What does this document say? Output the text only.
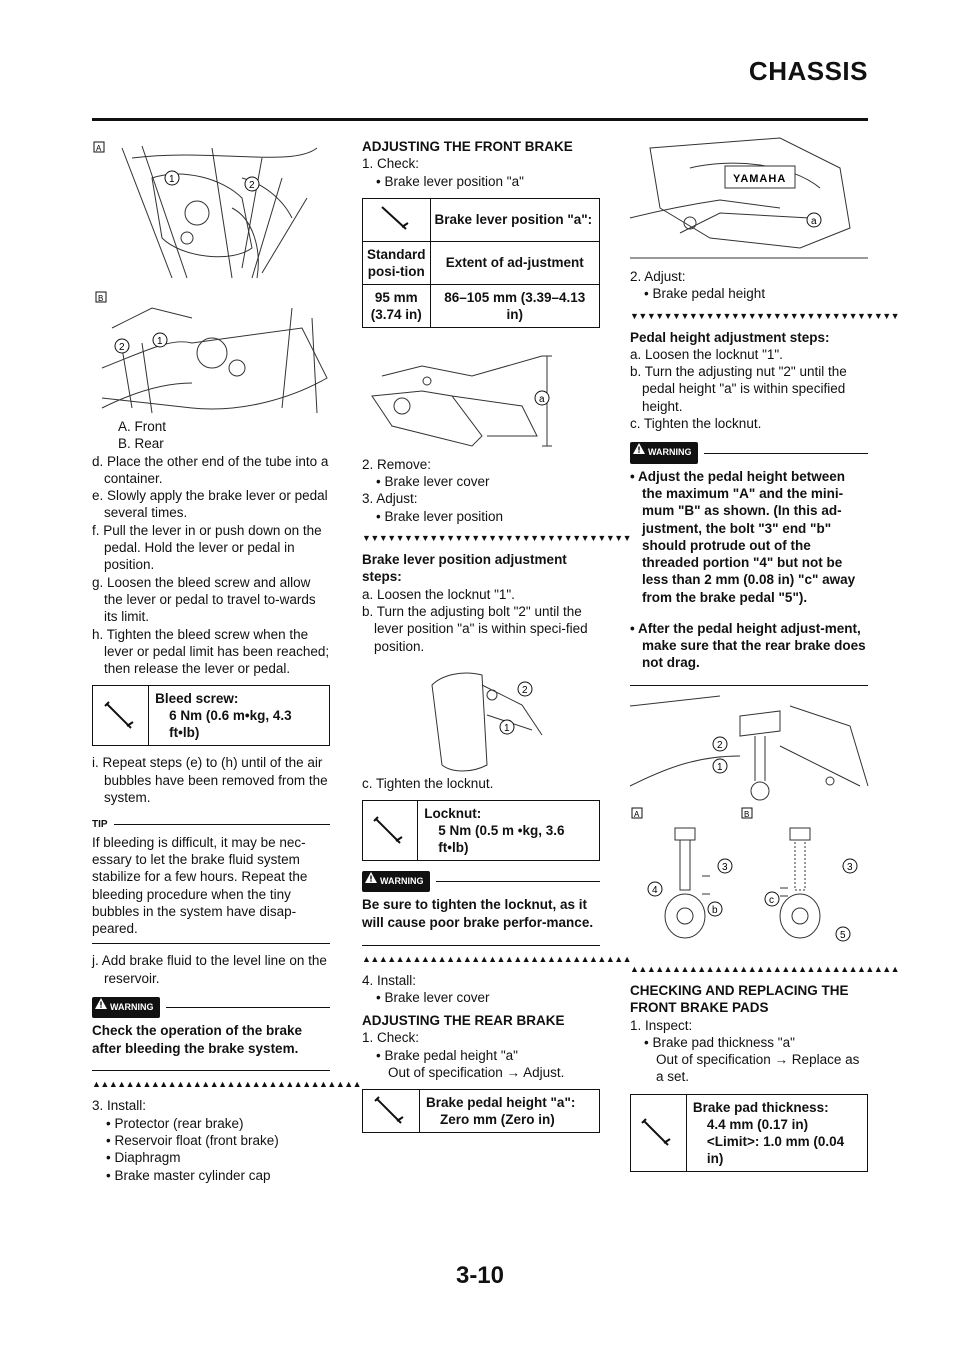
CHASSIS
A
1
2
B
2
1

A. Front

B. Rear

d. Place the other end of the tube into a container.

e. Slowly apply the brake lever or pedal several times.

f. Pull the lever in or push down on the pedal. Hold the lever or pedal in position.

g. Loosen the bleed screw and allow the lever or pedal to travel to-wards its limit.

h. Tighten the bleed screw when the lever or pedal limit has been reached; then release the lever or pedal.

Bleed screw:
6 Nm (0.6 m•kg, 4.3 ft•lb)

i. Repeat steps (e) to (h) until of the air bubbles have been removed from the system.

TIP

If bleeding is difficult, it may be nec-essary to let the brake fluid system stabilize for a few hours. Repeat the bleeding procedure when the tiny bubbles in the system have disap-peared.

j. Add brake fluid to the level line on the reservoir.

WARNING

Check the operation of the brake after bleeding the brake system.

▲▲▲▲▲▲▲▲▲▲▲▲▲▲▲▲▲▲▲▲▲▲▲▲▲▲▲▲▲▲▲▲

3. Install:

• Protector (rear brake)

• Reservoir float (front brake)

• Diaphragm

• Brake master cylinder cap

ADJUSTING THE FRONT BRAKE

1. Check:

• Brake lever position "a"

	Brake lever position "a":
Standard posi-tion	Extent of ad-justment
95 mm (3.74 in)	86–105 mm (3.39–4.13 in)
a

2. Remove:

• Brake lever cover

3. Adjust:

• Brake lever position

▼▼▼▼▼▼▼▼▼▼▼▼▼▼▼▼▼▼▼▼▼▼▼▼▼▼▼▼▼▼▼▼

Brake lever position adjustment steps:

a. Loosen the locknut "1".

b. Turn the adjusting bolt "2" until the lever position "a" is within speci-fied position.

2
1

c. Tighten the locknut.

Locknut:
5 Nm (0.5 m •kg, 3.6 ft•lb)
WARNING

Be sure to tighten the locknut, as it will cause poor brake perfor-mance.

▲▲▲▲▲▲▲▲▲▲▲▲▲▲▲▲▲▲▲▲▲▲▲▲▲▲▲▲▲▲▲▲

4. Install:

• Brake lever cover

ADJUSTING THE REAR BRAKE

1. Check:

• Brake pedal height "a"

Out of specification → Adjust.

Brake pedal height "a":
Zero mm (Zero in)
YAMAHA
a

2. Adjust:

• Brake pedal height

▼▼▼▼▼▼▼▼▼▼▼▼▼▼▼▼▼▼▼▼▼▼▼▼▼▼▼▼▼▼▼▼

Pedal height adjustment steps:

a. Loosen the locknut "1".

b. Turn the adjusting nut "2" until the pedal height "a" is within specified height.

c. Tighten the locknut.

WARNING

• Adjust the pedal height between the maximum "A" and the mini-mum "B" as shown. (In this ad-justment, the bolt "3" end "b" should protrude out of the threaded portion "4" but not be less than 2 mm (0.08 in) "c" away from the brake pedal "5").

• After the pedal height adjust-ment, make sure that the rear brake does not drag.

2
1
A	B
3
4
b
3
c
5
▲▲▲▲▲▲▲▲▲▲▲▲▲▲▲▲▲▲▲▲▲▲▲▲▲▲▲▲▲▲▲▲

CHECKING AND REPLACING THE FRONT BRAKE PADS

1. Inspect:

• Brake pad thickness "a"

Out of specification → Replace as a set.

Brake pad thickness:
4.4 mm (0.17 in)
<Limit>: 1.0 mm (0.04 in)
3-10
